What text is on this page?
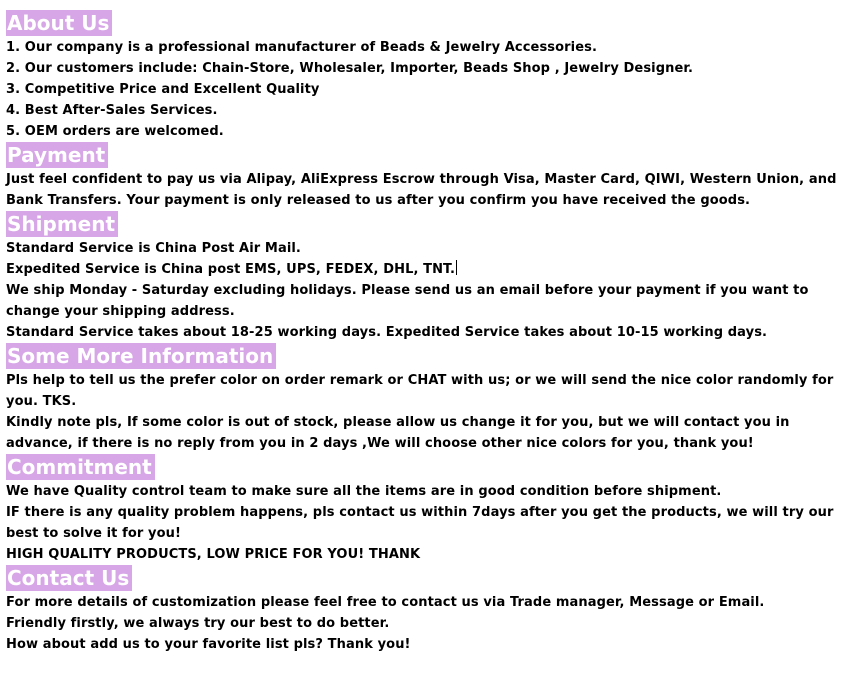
About Us

1. Our company is a professional manufacturer of Beads & Jewelry Accessories.

2. Our customers include: Chain-Store, Wholesaler, Importer, Beads Shop , Jewelry Designer.

3. Competitive Price and Excellent Quality

4. Best After-Sales Services.

5. OEM orders are welcomed.

Payment

Just feel confident to pay us via Alipay, AliExpress Escrow through Visa, Master Card, QIWI, Western Union, and Bank Transfers. Your payment is only released to us after you confirm you have received the goods.

Shipment

Standard Service is China Post Air Mail.

Expedited Service is China post EMS, UPS, FEDEX, DHL, TNT.

We ship Monday - Saturday excluding holidays. Please send us an email before your payment if you want to change your shipping address.

Standard Service takes about 18-25 working days. Expedited Service takes about 10-15 working days.

Some More Information

Pls help to tell us the prefer color on order remark or CHAT with us; or we will send the nice color randomly for you. TKS.

Kindly note pls, If some color is out of stock, please allow us change it for you, but we will contact you in advance, if there is no reply from you in 2 days ,We will choose other nice colors for you, thank you!

Commitment

We have Quality control team to make sure all the items are in good condition before shipment.

IF there is any quality problem happens, pls contact us within 7days after you get the products, we will try our best to solve it for you!

HIGH QUALITY PRODUCTS, LOW PRICE FOR YOU! THANK

Contact Us

For more details of customization please feel free to contact us via Trade manager, Message or Email.

Friendly firstly, we always try our best to do better.

How about add us to your favorite list pls? Thank you!
